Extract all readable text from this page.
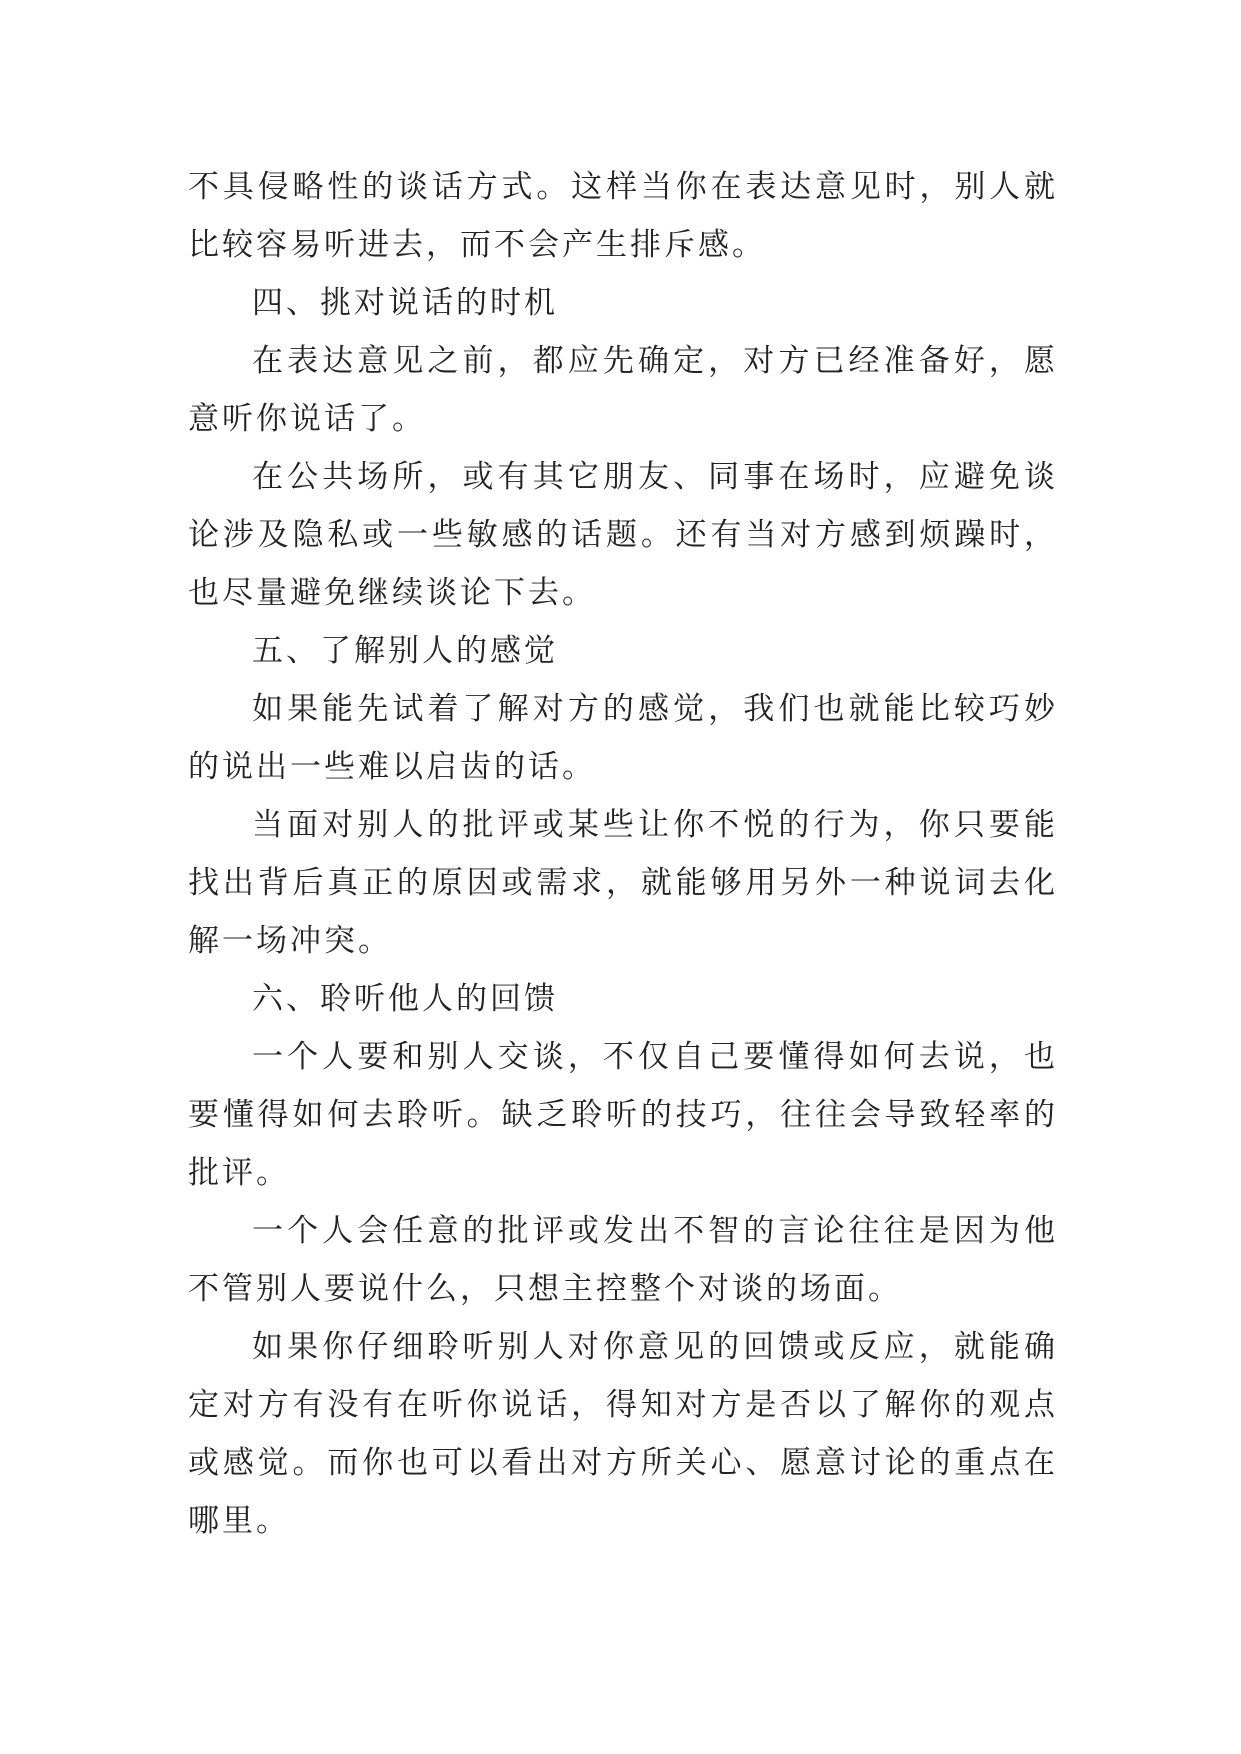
不具侵略性的谈话方式。这样当你在表达意见时，别人就比较容易听进去，而不会产生排斥感。

四、挑对说话的时机

在表达意见之前，都应先确定，对方已经准备好，愿意听你说话了。

在公共场所，或有其它朋友、同事在场时，应避免谈论涉及隐私或一些敏感的话题。还有当对方感到烦躁时，也尽量避免继续谈论下去。

五、了解别人的感觉

如果能先试着了解对方的感觉，我们也就能比较巧妙的说出一些难以启齿的话。

当面对别人的批评或某些让你不悦的行为，你只要能找出背后真正的原因或需求，就能够用另外一种说词去化解一场冲突。

六、聆听他人的回馈

一个人要和别人交谈，不仅自己要懂得如何去说，也要懂得如何去聆听。缺乏聆听的技巧，往往会导致轻率的批评。

一个人会任意的批评或发出不智的言论往往是因为他不管别人要说什么，只想主控整个对谈的场面。

如果你仔细聆听别人对你意见的回馈或反应，就能确定对方有没有在听你说话，得知对方是否以了解你的观点或感觉。而你也可以看出对方所关心、愿意讨论的重点在哪里。
